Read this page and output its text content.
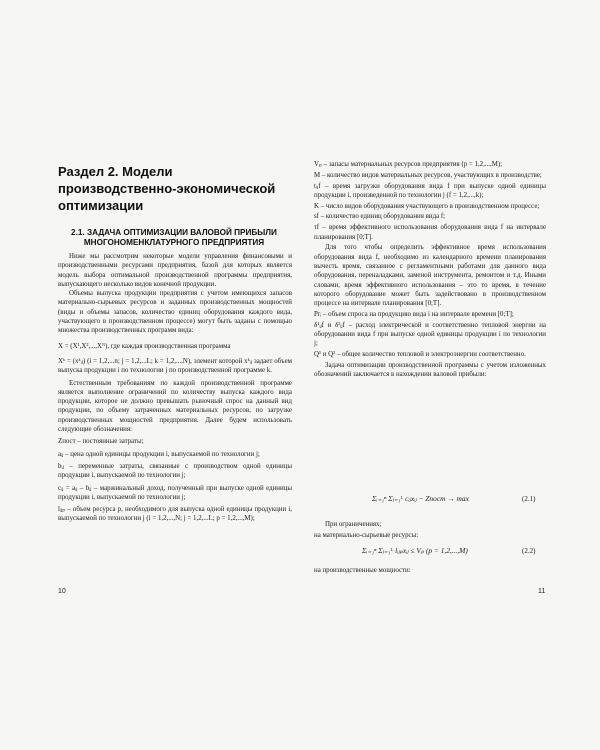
Раздел 2. Модели производственно-экономической оптимизации
2.1. ЗАДАЧА ОПТИМИЗАЦИИ ВАЛОВОЙ ПРИБЫЛИ МНОГОНОМЕНКЛАТУРНОГО ПРЕДПРИЯТИЯ

Ниже мы рассмотрим некоторые модели управления финансовыми и производственными ресурсами предприятия, базой для которых является модель выбора оптимальной производственной программы предприятия, выпускающего несколько видов конечной продукции.

Объемы выпуска продукции предприятия с учетом имеющихся запасов материально-сырьевых ресурсов и заданных производственных мощностей (виды и объемы запасов, количество единиц оборудования каждого вида, участвующего в производственном процессе) могут быть заданы с помощью множества производственных программ вида:

X = (X¹,X²,...,Xᴺ), где каждая производственная программа

Xᵏ = (xᵏᵢⱼ) (i = 1,2,...n; j = 1,2,...L; k = 1,2,...,N), элемент которой xᵏᵢⱼ задает объем выпуска продукции i по технологии j по производственной программе k.

Естественным требованиям по каждой производственной программе является выполнение ограничений по количеству выпуска каждого вида продукции, которое не должно превышать рыночный спрос на данный вид продукции, по объему затраченных материальных ресурсов, по загрузке производственных мощностей предприятия. Далее будем использовать следующие обозначения:

Zпост – постоянные затраты;

aᵢⱼ – цена одной единицы продукции i, выпускаемой по технологии j;

bᵢⱼ – переменные затраты, связанные с производством одной единицы продукции i, выпускаемой по технологии j;

cᵢⱼ = aᵢⱼ – bᵢⱼ – маржинальный доход, полученный при выпуске одной единицы продукции i, выпускаемой по технологии j;

lᵢⱼₚ – объем ресурса p, необходимого для выпуска одной единицы продукции i, выпускаемой по технологии j (i = 1,2,...,N; j = 1,2,...L; p = 1,2,...,M);

10

Vₚ – запасы материальных ресурсов предприятия (p = 1,2,...,M);

M – количество видов материальных ресурсов, участвующих в производстве;

tᵢⱼf – время загрузки оборудования вида f при выпуске одной единицы продукции i, произведенной по технологии j (f = 1,2,...,k);

K – число видов оборудования участвующего в производственном процессе;

sf – количество единиц оборудования вида f;

τf – время эффективного использования оборудования вида f на интервале планирования [0;T].

Для того чтобы определить эффективное время использования оборудования вида f, необходимо из календарного времени планирования вычесть время, связанное с регламентными работами для данного вида оборудования, переналадками, заменой инструмента, ремонтом и т.д. Иными словами, время эффективного использования – это то время, в течение которого оборудование может быть задействовано в производственном процессе на интервале планирования [0;T].

Prᵢ – объем спроса на продукцию вида i на интервале времени [0;T];

δ¹ᵢⱼf и δ²ᵢⱼf – расход электрической и соответственно тепловой энергии на оборудовании вида f при выпуске одной единицы продукции i по технологии j;

Q¹ и Q² – общее количество тепловой и электроэнергии соответственно.

Задача оптимизации производственной программы с учетом изложенных обозначений заключается в нахождении валовой прибыли:

Σᵢ₌₁ⁿ Σⱼ₌₁ᴸ cᵢⱼxᵢⱼ − Zпост → max	(2.1)

При ограничениях;

на материально-сырьевые ресурсы:

Σᵢ₌₁ⁿ Σⱼ₌₁ᴸ lᵢⱼₚxᵢⱼ ≤ Vₚ (p = 1,2,...,M)	(2.2)

на производственные мощности:

11
·
